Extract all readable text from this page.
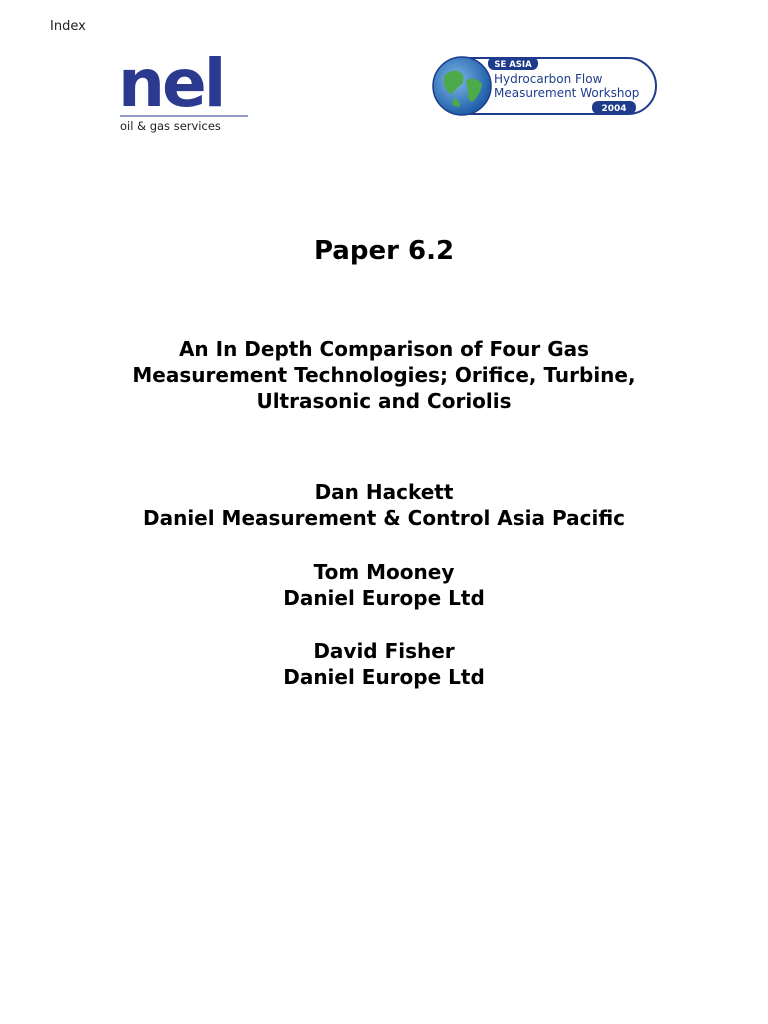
Index
nel
oil & gas services
SE ASIA
Hydrocarbon Flow
Measurement Workshop
2004
Paper 6.2
An In Depth Comparison of Four Gas
Measurement Technologies; Orifice, Turbine,
Ultrasonic and Coriolis
Dan Hackett
Daniel Measurement & Control Asia Pacific
Tom Mooney
Daniel Europe Ltd
David Fisher
Daniel Europe Ltd
